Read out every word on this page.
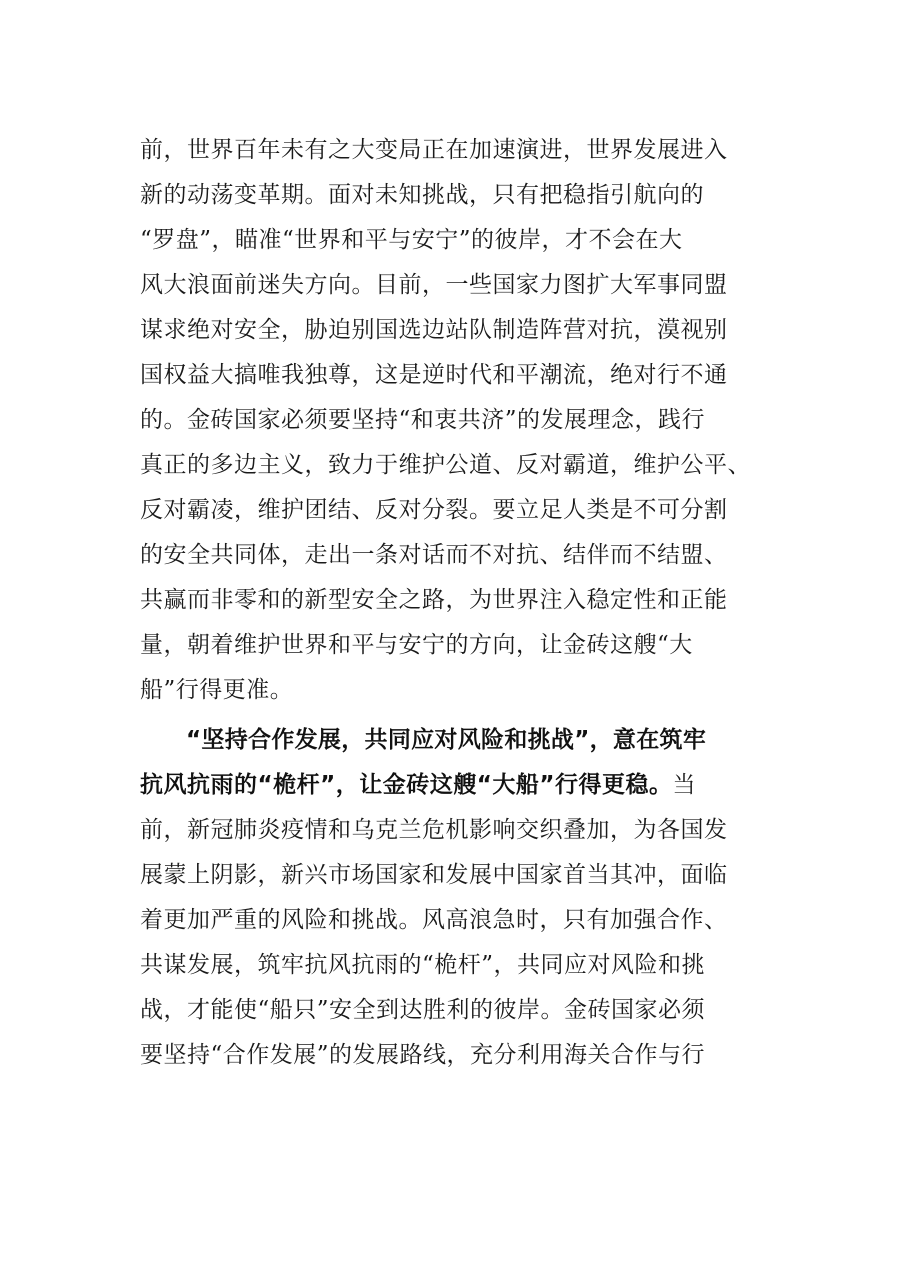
前，世界百年未有之大变局正在加速演进，世界发展进入
新的动荡变革期。面对未知挑战，只有把稳指引航向的
“罗盘”，瞄准“世界和平与安宁”的彼岸，才不会在大
风大浪面前迷失方向。目前，一些国家力图扩大军事同盟
谋求绝对安全，胁迫别国选边站队制造阵营对抗，漠视别
国权益大搞唯我独尊，这是逆时代和平潮流，绝对行不通
的。金砖国家必须要坚持“和衷共济”的发展理念，践行
真正的多边主义，致力于维护公道、反对霸道，维护公平、
反对霸凌，维护团结、反对分裂。要立足人类是不可分割
的安全共同体，走出一条对话而不对抗、结伴而不结盟、
共赢而非零和的新型安全之路，为世界注入稳定性和正能
量，朝着维护世界和平与安宁的方向，让金砖这艘“大
船”行得更准。
“坚持合作发展，共同应对风险和挑战”，意在筑牢
抗风抗雨的“桅杆”，让金砖这艘“大船”行得更稳。当
前，新冠肺炎疫情和乌克兰危机影响交织叠加，为各国发
展蒙上阴影，新兴市场国家和发展中国家首当其冲，面临
着更加严重的风险和挑战。风高浪急时，只有加强合作、
共谋发展，筑牢抗风抗雨的“桅杆”，共同应对风险和挑
战，才能使“船只”安全到达胜利的彼岸。金砖国家必须
要坚持“合作发展”的发展路线，充分利用海关合作与行
